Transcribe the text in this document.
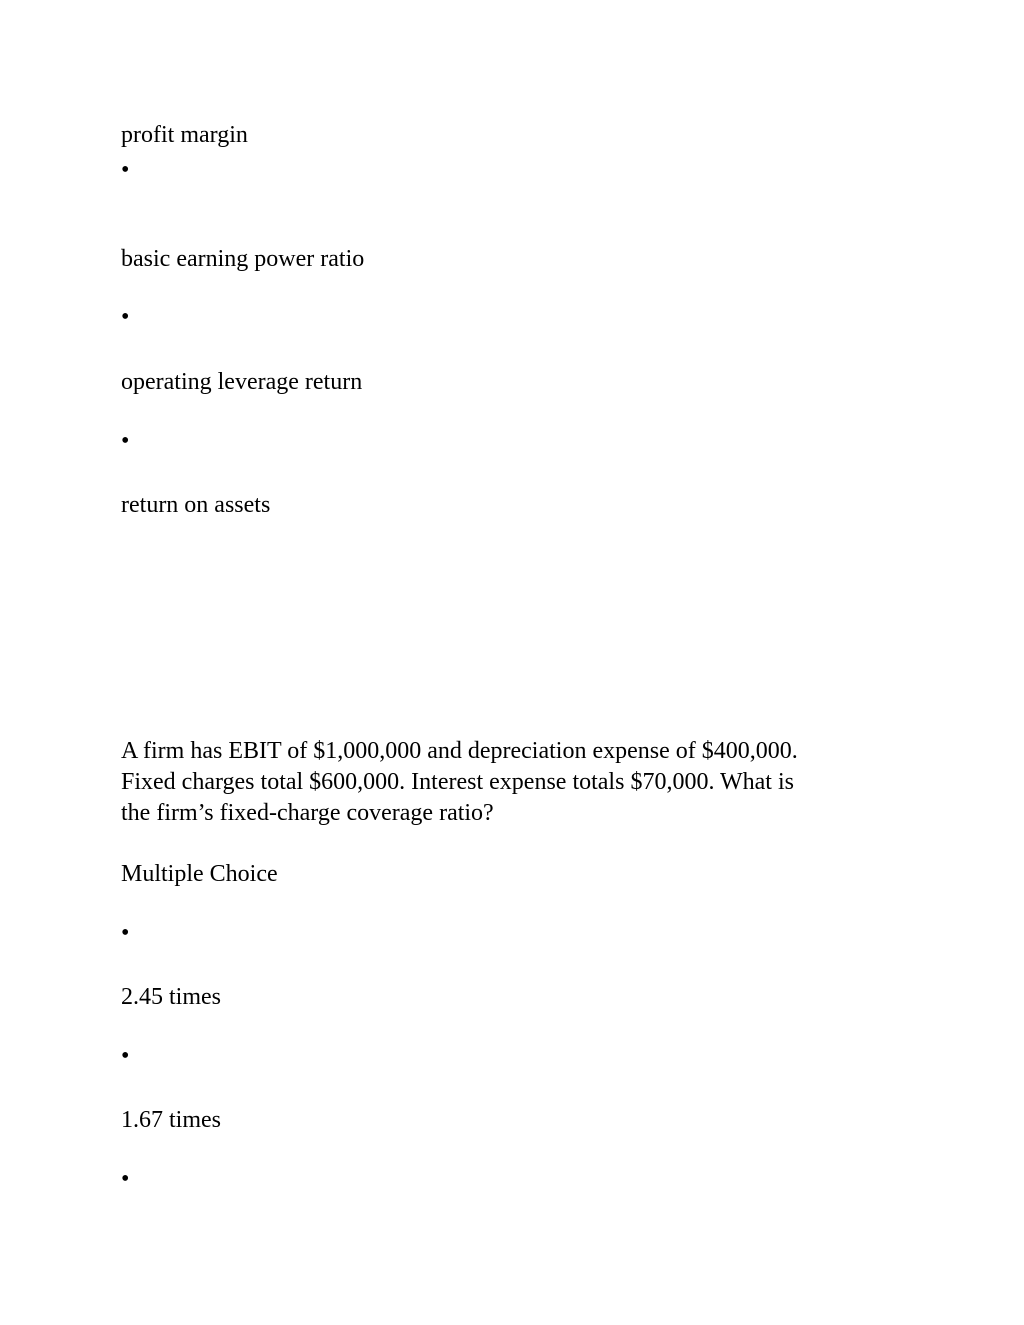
profit margin

•

basic earning power ratio

•

operating leverage return

•

return on assets

A firm has EBIT of $1,000,000 and depreciation expense of $400,000.
Fixed charges total $600,000. Interest expense totals $70,000. What is
the firm’s fixed-charge coverage ratio?

Multiple Choice

•

2.45 times

•

1.67 times

•
